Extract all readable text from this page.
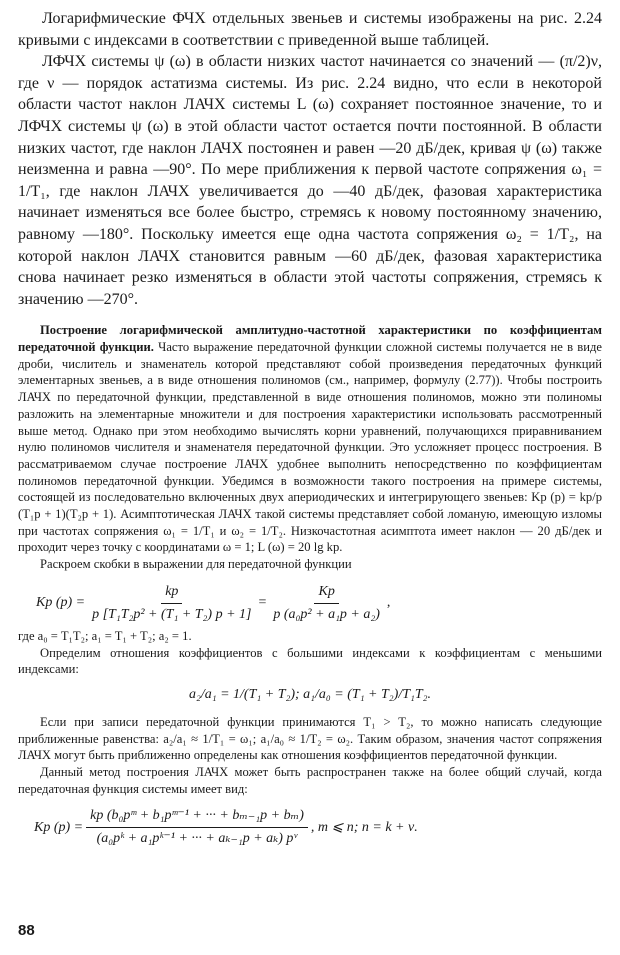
Логарифмические ФЧХ отдельных звеньев и системы изображены на рис. 2.24 кривыми с индексами в соответствии с приведенной выше таблицей.

ЛФЧХ системы ψ (ω) в области низких частот начинается со значений — (π/2)ν, где ν — порядок астатизма системы. Из рис. 2.24 видно, что если в некоторой области частот наклон ЛАЧХ системы L (ω) сохраняет постоянное значение, то и ЛФЧХ системы ψ (ω) в этой области частот остается почти постоянной. В области низких частот, где наклон ЛАЧХ постоянен и равен —20 дБ/дек, кривая ψ (ω) также неизменна и равна —90°. По мере приближения к первой частоте сопряжения ω₁ = 1/T₁, где наклон ЛАЧХ увеличивается до —40 дБ/дек, фазовая характеристика начинает изменяться все более быстро, стремясь к новому постоянному значению, равному —180°. Поскольку имеется еще одна частота сопряжения ω₂ = 1/T₂, на которой наклон ЛАЧХ становится равным —60 дБ/дек, фазовая характеристика снова начинает резко изменяться в области этой частоты сопряжения, стремясь к значению —270°.

Построение логарифмической амплитудно-частотной характеристики по коэффициентам передаточной функции. Часто выражение передаточной функции сложной системы получается не в виде дроби, числитель и знаменатель которой представляют собой произведения передаточных функций элементарных звеньев, а в виде отношения полиномов (см., например, формулу (2.77)). Чтобы построить ЛАЧХ по передаточной функции, представленной в виде отношения полиномов, можно эти полиномы разложить на элементарные множители и для построения характеристики использовать рассмотренный выше метод. Однако при этом необходимо вычислять корни уравнений, получающихся приравниванием нулю полиномов числителя и знаменателя передаточной функции. Это усложняет процесс построения. В рассматриваемом случае построение ЛАЧХ удобнее выполнить непосредственно по коэффициентам полиномов передаточной функции. Убедимся в возможности такого построения на примере системы, состоящей из последовательно включенных двух апериодических и интегрирующего звеньев: Kp (p) = kp/p (T₁p + 1)(T₂p + 1). Асимптотическая ЛАЧХ такой системы представляет собой ломаную, имеющую изломы при частотах сопряжения ω₁ = 1/T₁ и ω₂ = 1/T₂. Низкочастотная асимптота имеет наклон — 20 дБ/дек и проходит через точку с координатами ω = 1; L (ω) = 20 lg kp.

Раскроем скобки в выражении для передаточной функции

Kp $(p) = \frac{kp}{\text{p [T₁T₂p² + (T₁ + T₂) p + 1]}} = \frac{Kp}{\text{p (a₀p² + a₁p + a₂)}}$ ,

где a₀ = T₁T₂; a₁ = T₁ + T₂; a₂ = 1.

Определим отношения коэффициентов с большими индексами к коэффициентам с меньшими индексами:

a₂/a₁ = 1/(T₁ + T₂); a₁/a₀ = (T₁ + T₂)/T₁T₂.

Если при записи передаточной функции принимаются T₁ > T₂, то можно написать следующие приближенные равенства: a₂/a₁ ≈ 1/T₁ = ω₁; a₁/a₀ ≈ 1/T₂ = ω₂. Таким образом, значения частот сопряжения ЛАЧХ могут быть приближенно определены как отношения коэффициентов передаточной функции.

Данный метод построения ЛАЧХ может быть распространен также на более общий случай, когда передаточная функция системы имеет вид:

Kp $(p) = \frac{\text{kp (b₀pᵐ + b₁pᵐ⁻¹ + ··· + bₘ₋₁p + bₘ)}}{\text{(a₀pᵏ + a₁pᵏ⁻¹ + ··· + aₖ₋₁p + aₖ) pᵛ}}$ , m ⩽ n; n = k + ν.
88
